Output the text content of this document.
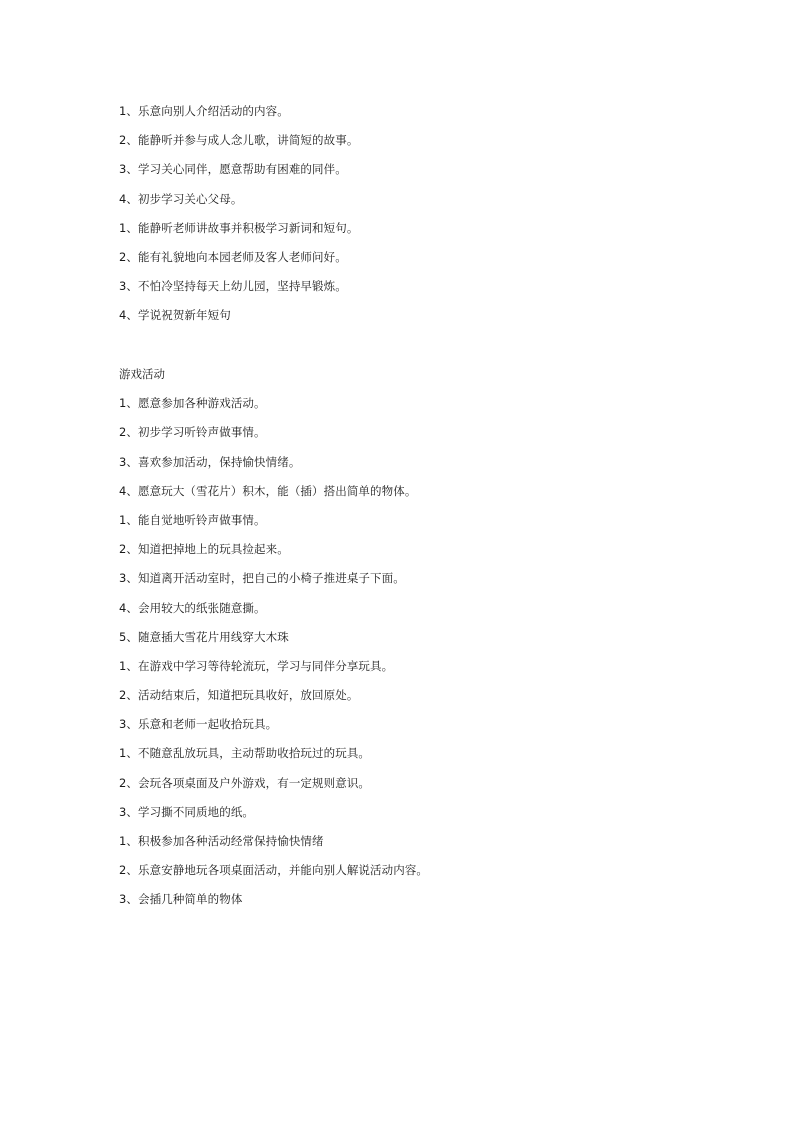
1、乐意向别人介绍活动的内容。
2、能静听并参与成人念儿歌，讲简短的故事。
3、学习关心同伴，愿意帮助有困难的同伴。
4、初步学习关心父母。
1、能静听老师讲故事并积极学习新词和短句。
2、能有礼貌地向本园老师及客人老师问好。
3、不怕冷坚持每天上幼儿园，坚持早锻炼。
4、学说祝贺新年短句
游戏活动
1、愿意参加各种游戏活动。
2、初步学习听铃声做事情。
3、喜欢参加活动，保持愉快情绪。
4、愿意玩大（雪花片）积木，能（插）搭出简单的物体。
1、能自觉地听铃声做事情。
2、知道把掉地上的玩具捡起来。
3、知道离开活动室时，把自己的小椅子推进桌子下面。
4、会用较大的纸张随意撕。
5、随意插大雪花片用线穿大木珠
1、在游戏中学习等待轮流玩，学习与同伴分享玩具。
2、活动结束后，知道把玩具收好，放回原处。
3、乐意和老师一起收拾玩具。
1、不随意乱放玩具，主动帮助收拾玩过的玩具。
2、会玩各项桌面及户外游戏，有一定规则意识。
3、学习撕不同质地的纸。
1、积极参加各种活动经常保持愉快情绪
2、乐意安静地玩各项桌面活动，并能向别人解说活动内容。
3、会插几种简单的物体
